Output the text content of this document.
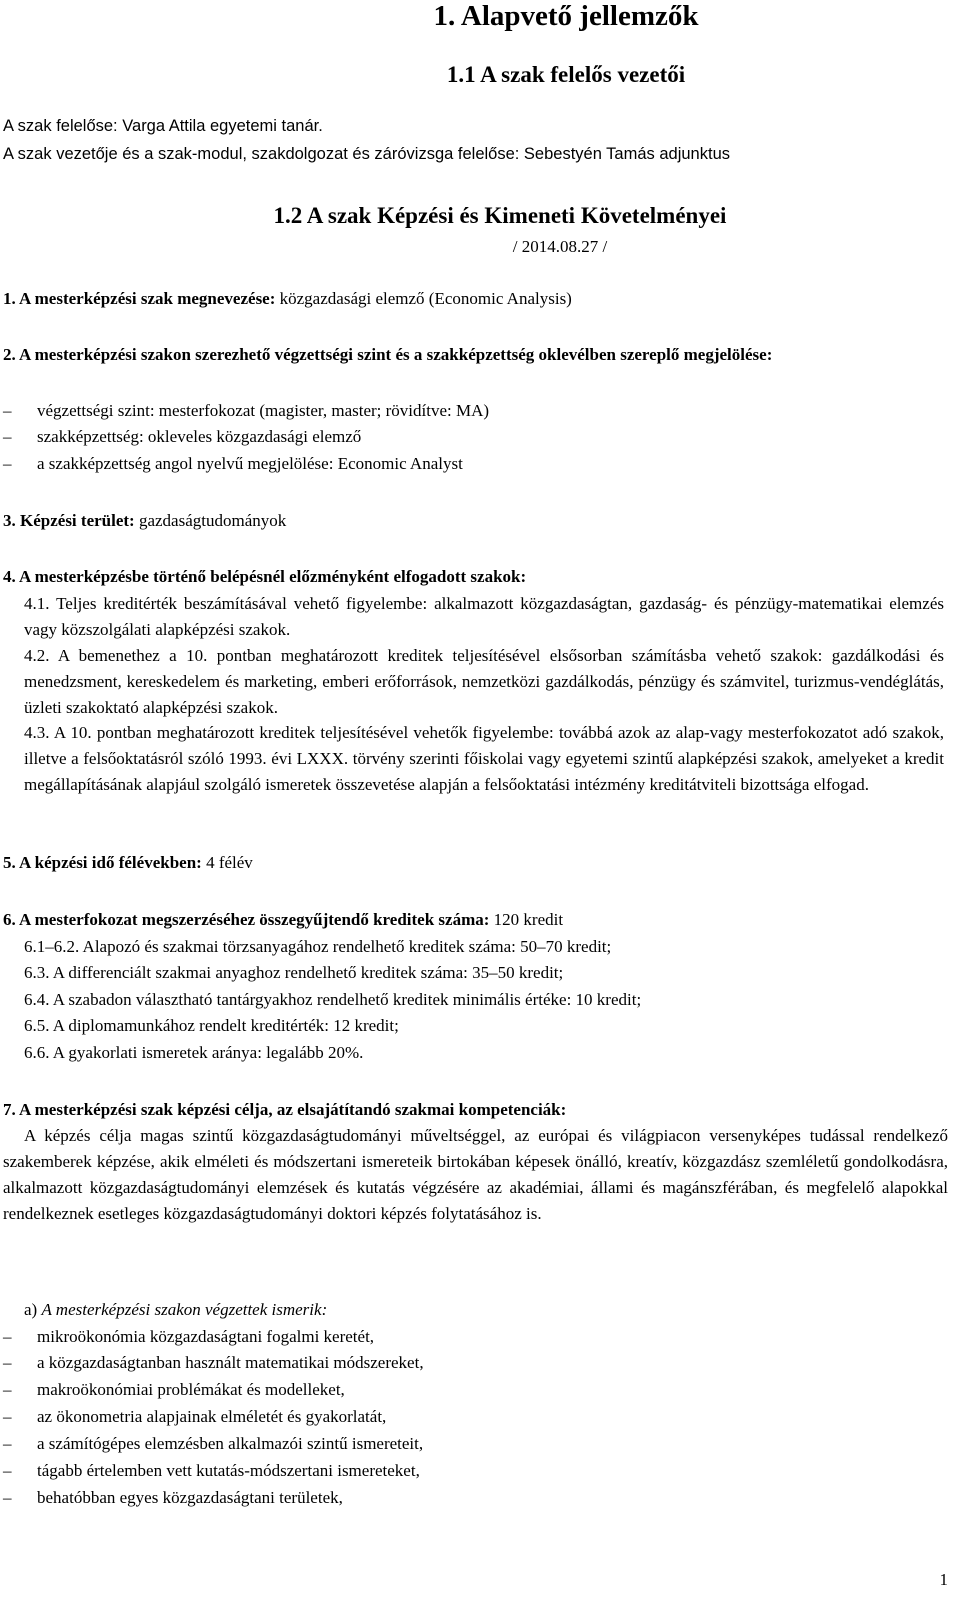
1. Alapvető jellemzők
1.1 A szak felelős vezetői
A szak felelőse: Varga Attila egyetemi tanár.
A szak vezetője és a szak-modul, szakdolgozat és záróvizsga felelőse: Sebestyén Tamás adjunktus
1.2 A szak Képzési és Kimeneti Követelményei
/ 2014.08.27 /
1. A mesterképzési szak megnevezése: közgazdasági elemző (Economic Analysis)
2. A mesterképzési szakon szerezhető végzettségi szint és a szakképzettség oklevélben szereplő megjelölése:
– végzettségi szint: mesterfokozat (magister, master; rövidítve: MA)
– szakképzettség: okleveles közgazdasági elemző
– a szakképzettség angol nyelvű megjelölése: Economic Analyst
3. Képzési terület: gazdaságtudományok
4. A mesterképzésbe történő belépésnél előzményként elfogadott szakok:
4.1. Teljes kreditérték beszámításával vehető figyelembe: alkalmazott közgazdaságtan, gazdaság- és pénzügy-matematikai elemzés vagy közszolgálati alapképzési szakok.
4.2. A bemenethez a 10. pontban meghatározott kreditek teljesítésével elsősorban számításba vehető szakok: gazdálkodási és menedzsment, kereskedelem és marketing, emberi erőforrások, nemzetközi gazdálkodás, pénzügy és számvitel, turizmus-vendéglátás, üzleti szakoktató alapképzési szakok.
4.3. A 10. pontban meghatározott kreditek teljesítésével vehetők figyelembe: továbbá azok az alap-vagy mesterfokozatot adó szakok, illetve a felsőoktatásról szóló 1993. évi LXXX. törvény szerinti főiskolai vagy egyetemi szintű alapképzési szakok, amelyeket a kredit megállapításának alapjául szolgáló ismeretek összevetése alapján a felsőoktatási intézmény kreditátviteli bizottsága elfogad.
5. A képzési idő félévekben: 4 félév
6. A mesterfokozat megszerzéséhez összegyűjtendő kreditek száma: 120 kredit
6.1–6.2. Alapozó és szakmai törzsanyagához rendelhető kreditek száma: 50–70 kredit;
6.3. A differenciált szakmai anyaghoz rendelhető kreditek száma: 35–50 kredit;
6.4. A szabadon választható tantárgyakhoz rendelhető kreditek minimális értéke: 10 kredit;
6.5. A diplomamunkához rendelt kreditérték: 12 kredit;
6.6. A gyakorlati ismeretek aránya: legalább 20%.
7. A mesterképzési szak képzési célja, az elsajátítandó szakmai kompetenciák:
A képzés célja magas szintű közgazdaságtudományi műveltséggel, az európai és világpiacon versenyképes tudással rendelkező szakemberek képzése, akik elméleti és módszertani ismereteik birtokában képesek önálló, kreatív, közgazdász szemléletű gondolkodásra, alkalmazott közgazdaságtudományi elemzések és kutatás végzésére az akadémiai, állami és magánszférában, és megfelelő alapokkal rendelkeznek esetleges közgazdaságtudományi doktori képzés folytatásához is.
a) A mesterképzési szakon végzettek ismerik:
– mikroökonómia közgazdaságtani fogalmi keretét,
– a közgazdaságtanban használt matematikai módszereket,
– makroökonómiai problémákat és modelleket,
– az ökonometria alapjainak elméletét és gyakorlatát,
– a számítógépes elemzésben alkalmazói szintű ismereteit,
– tágabb értelemben vett kutatás-módszertani ismereteket,
– behatóbban egyes közgazdaságtani területek,
1
